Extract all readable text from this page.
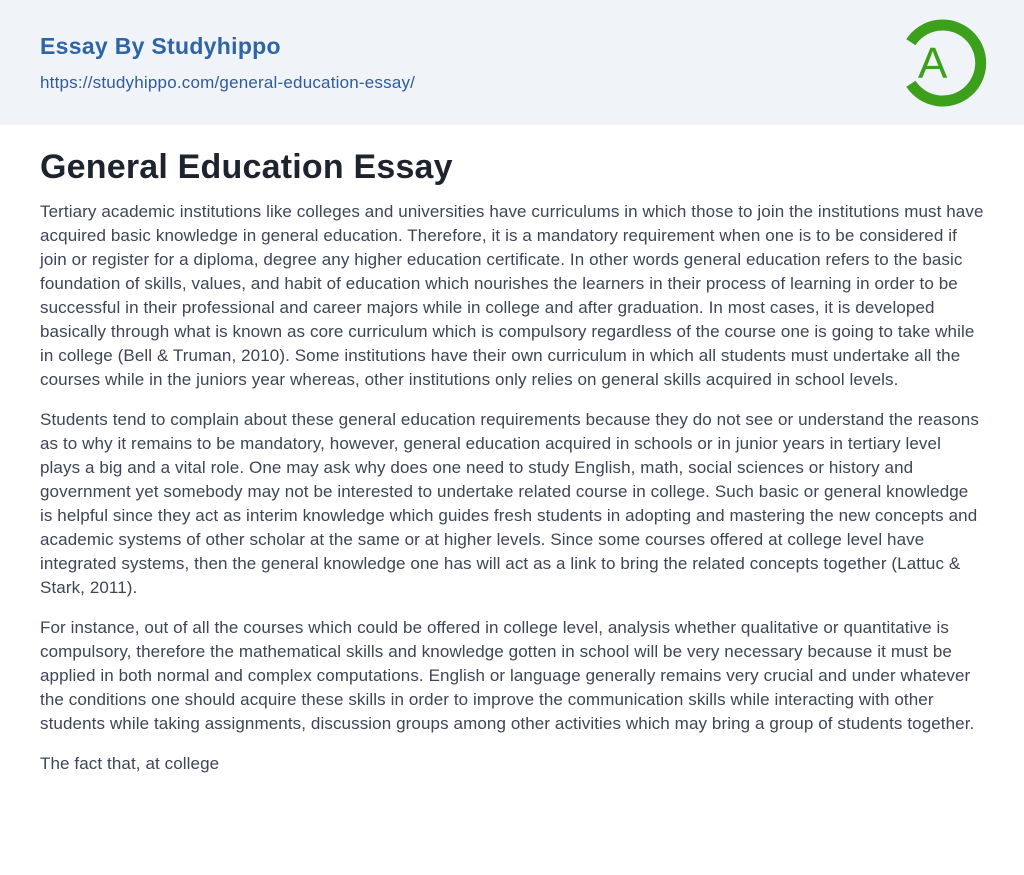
Essay By Studyhippo
https://studyhippo.com/general-education-essay/	A
General Education Essay

Tertiary academic institutions like colleges and universities have curriculums in which those to join the institutions must have acquired basic knowledge in general education. Therefore, it is a mandatory requirement when one is to be considered if join or register for a diploma, degree any higher education certificate. In other words general education refers to the basic foundation of skills, values, and habit of education which nourishes the learners in their process of learning in order to be successful in their professional and career majors while in college and after graduation. In most cases, it is developed basically through what is known as core curriculum which is compulsory regardless of the course one is going to take while in college (Bell & Truman, 2010). Some institutions have their own curriculum in which all students must undertake all the courses while in the juniors year whereas, other institutions only relies on general skills acquired in school levels.

Students tend to complain about these general education requirements because they do not see or understand the reasons as to why it remains to be mandatory, however, general education acquired in schools or in junior years in tertiary level plays a big and a vital role. One may ask why does one need to study English, math, social sciences or history and government yet somebody may not be interested to undertake related course in college. Such basic or general knowledge is helpful since they act as interim knowledge which guides fresh students in adopting and mastering the new concepts and academic systems of other scholar at the same or at higher levels. Since some courses offered at college level have integrated systems, then the general knowledge one has will act as a link to bring the related concepts together (Lattuc & Stark, 2011).

For instance, out of all the courses which could be offered in college level, analysis whether qualitative or quantitative is compulsory, therefore the mathematical skills and knowledge gotten in school will be very necessary because it must be applied in both normal and complex computations. English or language generally remains very crucial and under whatever the conditions one should acquire these skills in order to improve the communication skills while interacting with other students while taking assignments, discussion groups among other activities which may bring a group of students together.

The fact that, at college
